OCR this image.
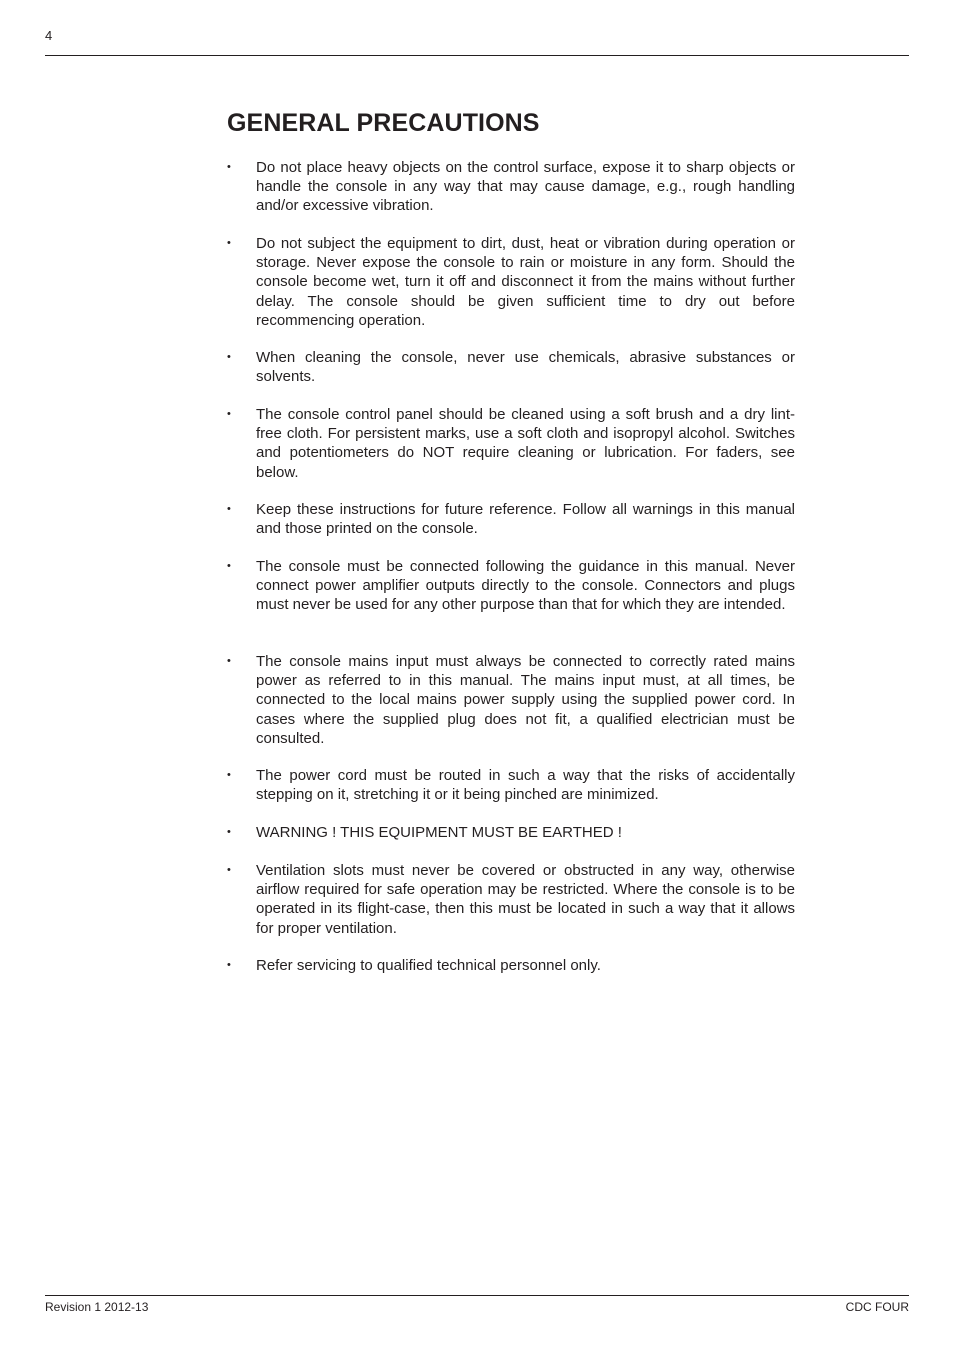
4
GENERAL PRECAUTIONS
•	Do not place heavy objects on the control surface, expose it to sharp objects or handle the console in any way that may cause damage, e.g., rough handling and/or excessive vibration.
•	Do not subject the equipment to dirt, dust, heat or vibration during operation or storage. Never expose the console to rain or moisture in any form. Should the console become wet, turn it off and disconnect it from the mains without further delay. The console should be given sufficient time to dry out before recommencing operation.
•	When cleaning the console, never use chemicals, abrasive substances or solvents.
•	The console control panel should be cleaned using a soft brush and a dry lint-free cloth. For persistent marks, use a soft cloth and isopropyl alcohol. Switches and potentiometers do NOT require cleaning or lubrication. For faders, see below.
•	Keep these instructions for future reference. Follow all warnings in this manual and those printed on the console.
•	The console must be connected following the guidance in this manual. Never connect power amplifier outputs directly to the console. Connectors and plugs must never be used for any other purpose than that for which they are intended.
•	The console mains input must always be connected to correctly rated mains power as referred to in this manual. The mains input must, at all times, be connected to the local mains power supply using the supplied power cord. In cases where the supplied plug does not fit, a qualified electrician must be consulted.
•	The power cord must be routed in such a way that the risks of accidentally stepping on it, stretching it or it being pinched are minimized.
•	WARNING ! THIS EQUIPMENT MUST BE EARTHED !
•	Ventilation slots must never be covered or obstructed in any way, otherwise airflow required for safe operation may be restricted. Where the console is to be operated in its flight-case, then this must be located in such a way that it allows for proper ventilation.
•	Refer servicing to qualified technical personnel only.
Revision 1 2012-13	CDC FOUR
